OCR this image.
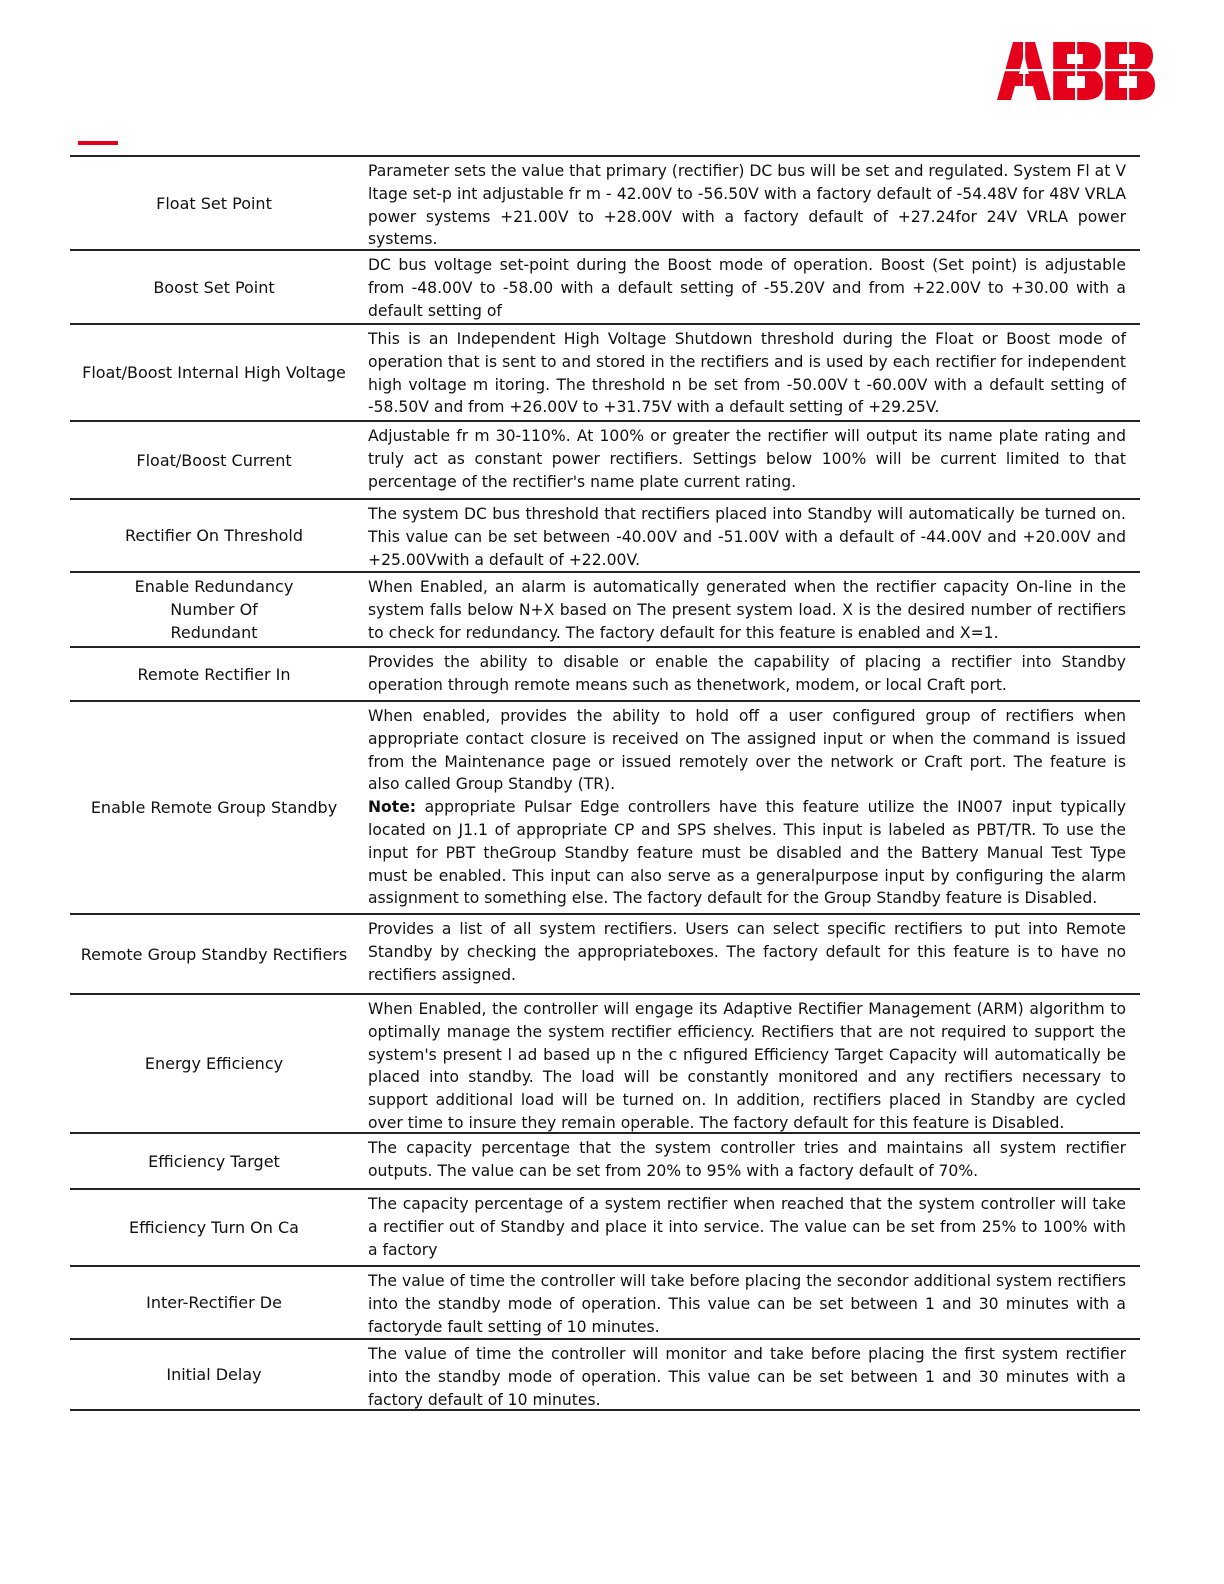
Float Set Point
Parameter sets the value that primary (rectifier) DC bus will be set and regulated. System Fl at V ltage set-p int adjustable fr m - 42.00V to -56.50V with a factory default of -54.48V for 48V VRLA power systems +21.00V to +28.00V with a factory default of +27.24for 24V VRLA power systems.
Boost Set Point
DC bus voltage set-point during the Boost mode of operation. Boost (Set point) is adjustable from -48.00V to -58.00 with a default setting of -55.20V and from +22.00V to +30.00 with a default setting of
Float/Boost Internal High Voltage
This is an Independent High Voltage Shutdown threshold during the Float or Boost mode of operation that is sent to and stored in the rectifiers and is used by each rectifier for independent high voltage m itoring. The threshold n be set from -50.00V t -60.00V with a default setting of -58.50V and from +26.00V to +31.75V with a default setting of +29.25V.
Float/Boost Current
Adjustable fr m 30-110%. At 100% or greater the rectifier will output its name plate rating and truly act as constant power rectifiers. Settings below 100% will be current limited to that percentage of the rectifier's name plate current rating.
Rectifier On Threshold
The system DC bus threshold that rectifiers placed into Standby will automatically be turned on. This value can be set between -40.00V and -51.00V with a default of -44.00V and +20.00V and +25.00Vwith a default of +22.00V.
Enable Redundancy Number Of Redundant
When Enabled, an alarm is automatically generated when the rectifier capacity On-line in the system falls below N+X based on The present system load. X is the desired number of rectifiers to check for redundancy. The factory default for this feature is enabled and X=1.
Remote Rectifier In
Provides the ability to disable or enable the capability of placing a rectifier into Standby operation through remote means such as thenetwork, modem, or local Craft port.
Enable Remote Group Standby

When enabled, provides the ability to hold off a user configured group of rectifiers when appropriate contact closure is received on The assigned input or when the command is issued from the Maintenance page or issued remotely over the network or Craft port. The feature is also called Group Standby (TR).

Note: appropriate Pulsar Edge controllers have this feature utilize the IN007 input typically located on J1.1 of appropriate CP and SPS shelves. This input is labeled as PBT/TR. To use the input for PBT theGroup Standby feature must be disabled and the Battery Manual Test Type must be enabled. This input can also serve as a generalpurpose input by configuring the alarm assignment to something else. The factory default for the Group Standby feature is Disabled.

Remote Group Standby Rectifiers
Provides a list of all system rectifiers. Users can select specific rectifiers to put into Remote Standby by checking the appropriateboxes. The factory default for this feature is to have no rectifiers assigned.
Energy Efficiency
When Enabled, the controller will engage its Adaptive Rectifier Management (ARM) algorithm to optimally manage the system rectifier efficiency. Rectifiers that are not required to support the system's present l ad based up n the c nfigured Efficiency Target Capacity will automatically be placed into standby. The load will be constantly monitored and any rectifiers necessary to support additional load will be turned on. In addition, rectifiers placed in Standby are cycled over time to insure they remain operable. The factory default for this feature is Disabled.
Efficiency Target
The capacity percentage that the system controller tries and maintains all system rectifier outputs. The value can be set from 20% to 95% with a factory default of 70%.
Efficiency Turn On Ca
The capacity percentage of a system rectifier when reached that the system controller will take a rectifier out of Standby and place it into service. The value can be set from 25% to 100% with a factory
Inter-Rectifier De
The value of time the controller will take before placing the secondor additional system rectifiers into the standby mode of operation. This value can be set between 1 and 30 minutes with a factoryde fault setting of 10 minutes.
Initial Delay
The value of time the controller will monitor and take before placing the first system rectifier into the standby mode of operation. This value can be set between 1 and 30 minutes with a factory default of 10 minutes.
